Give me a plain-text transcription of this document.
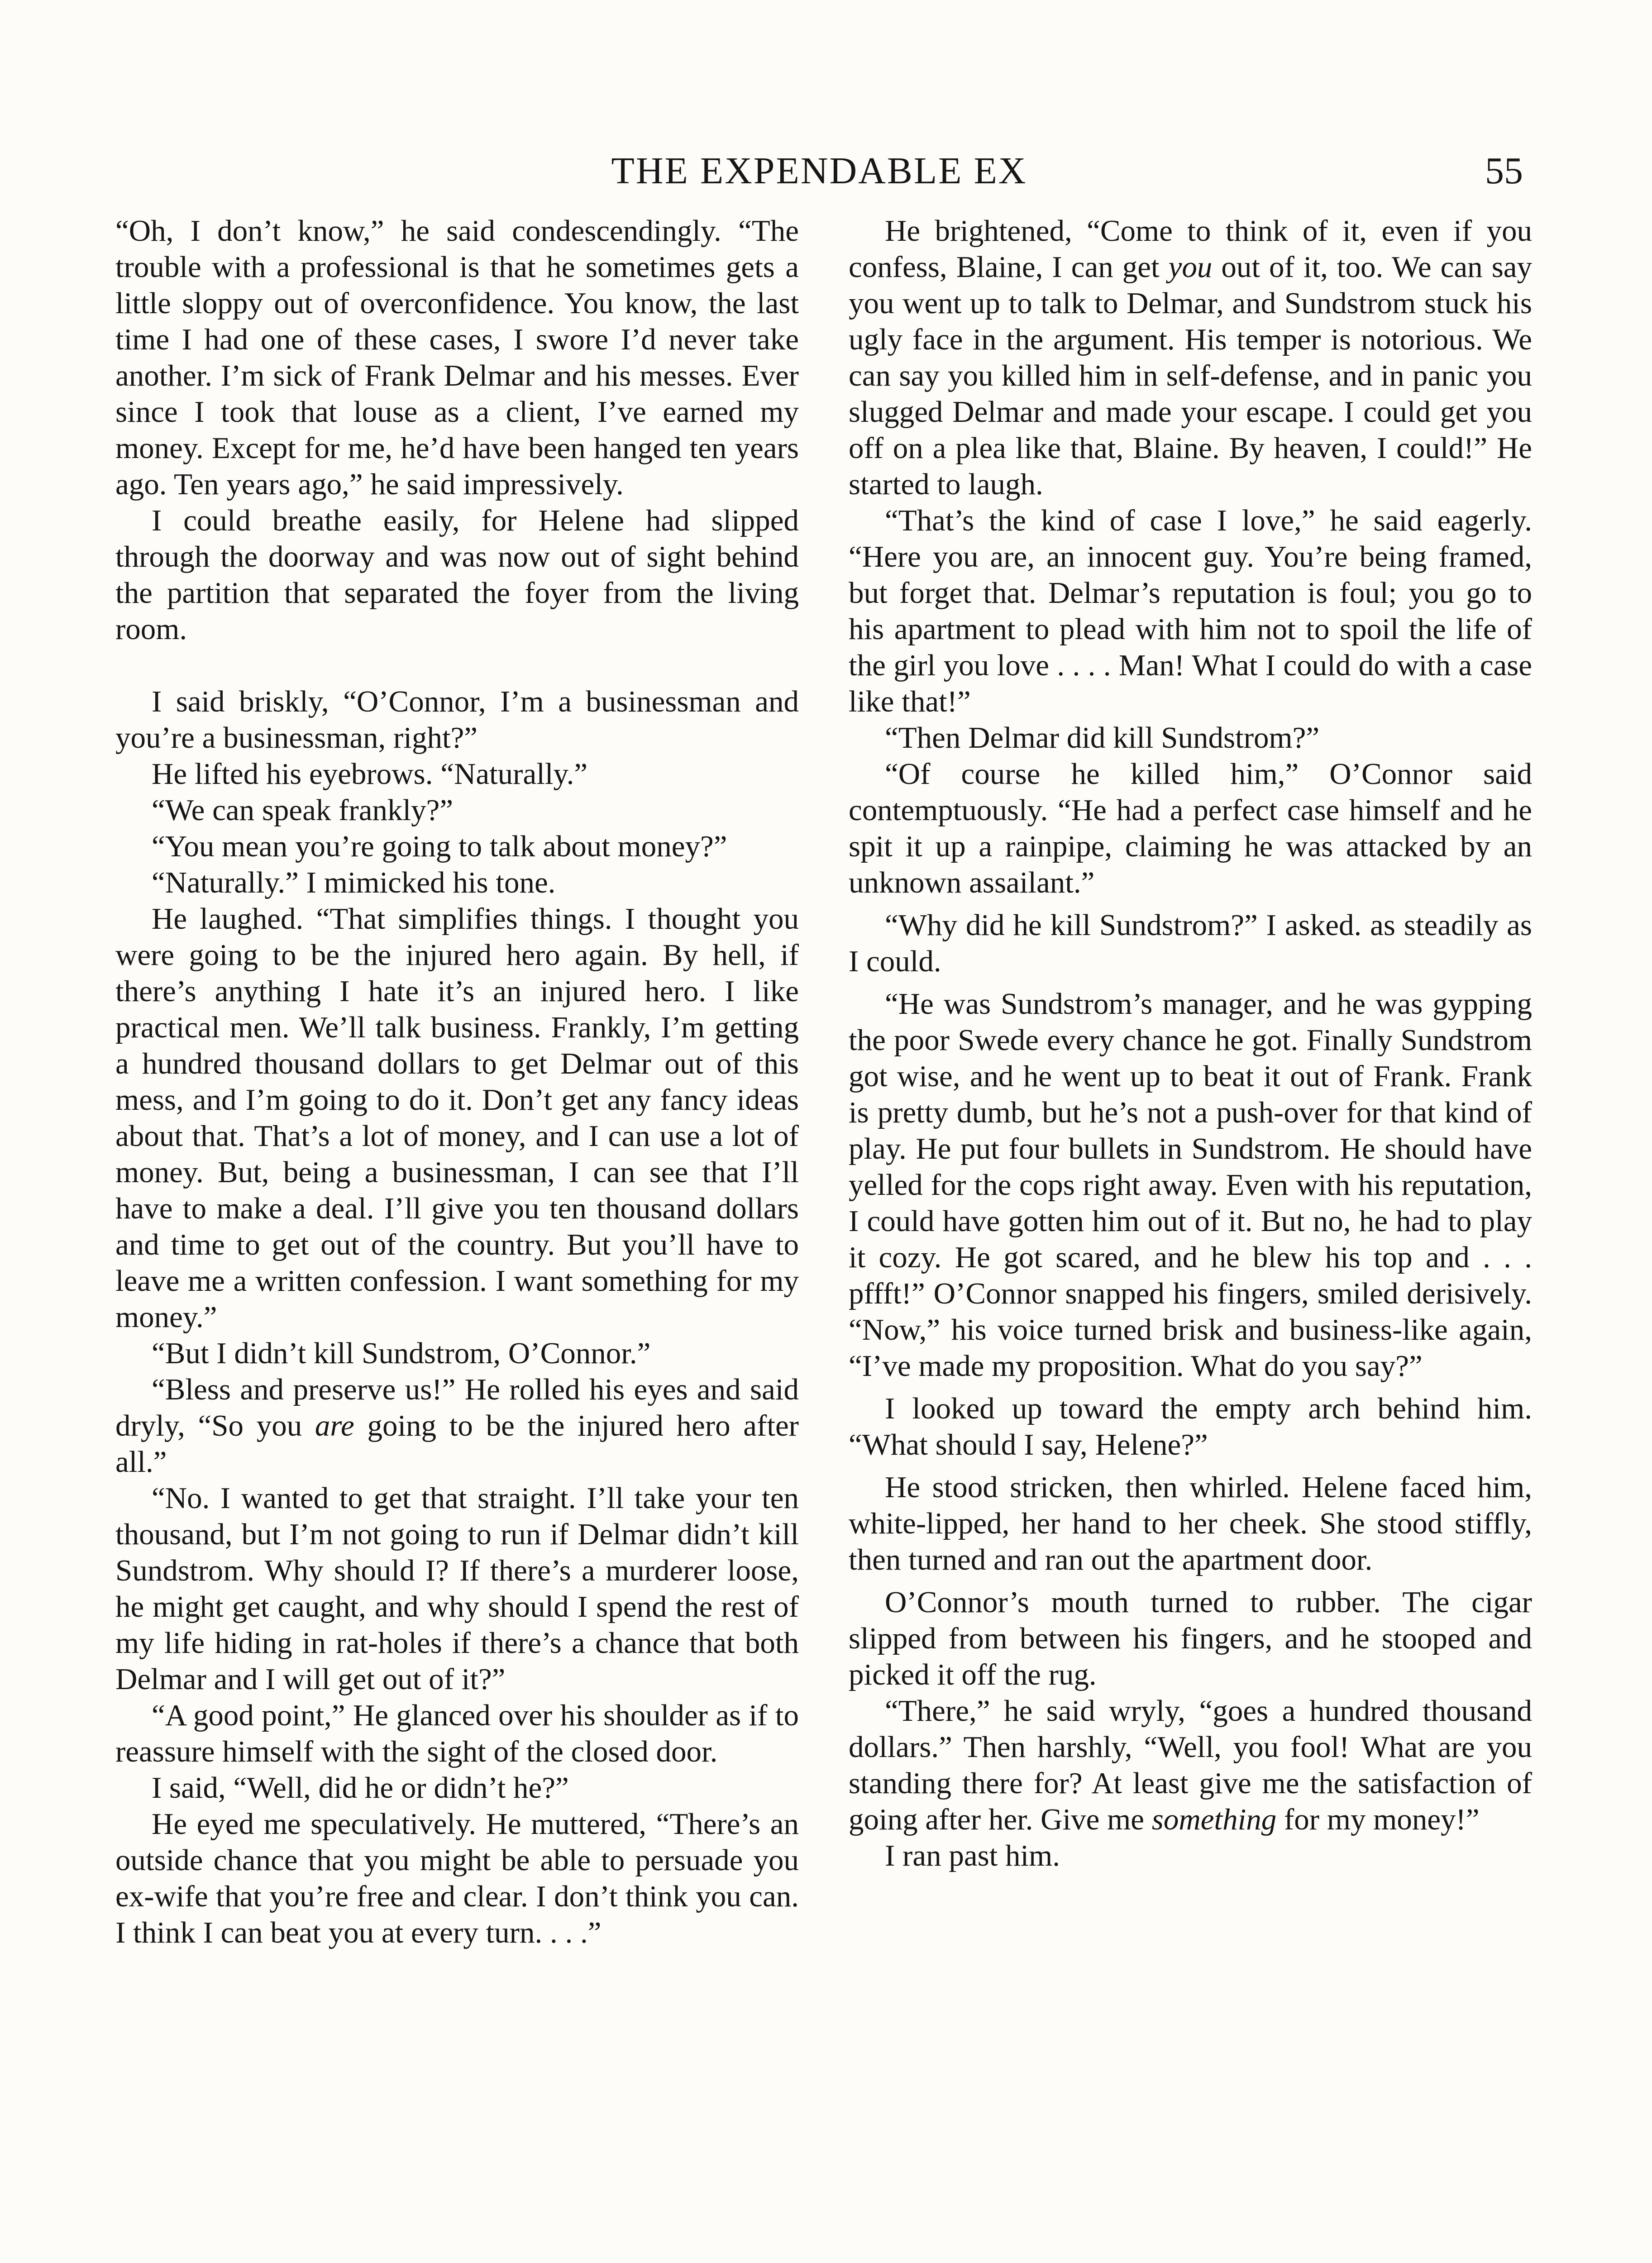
THE EXPENDABLE EX	55

“Oh, I don’t know,” he said condescendingly. “The trouble with a professional is that he sometimes gets a little sloppy out of overconfidence. You know, the last time I had one of these cases, I swore I’d never take another. I’m sick of Frank Delmar and his messes. Ever since I took that louse as a client, I’ve earned my money. Except for me, he’d have been hanged ten years ago. Ten years ago,” he said impressively.

I could breathe easily, for Helene had slipped through the doorway and was now out of sight behind the partition that separated the foyer from the living room.

I said briskly, “O’Connor, I’m a businessman and you’re a businessman, right?”

He lifted his eyebrows. “Naturally.”

“We can speak frankly?”

“You mean you’re going to talk about money?”

“Naturally.” I mimicked his tone.

He laughed. “That simplifies things. I thought you were going to be the injured hero again. By hell, if there’s anything I hate it’s an injured hero. I like practical men. We’ll talk business. Frankly, I’m getting a hundred thousand dollars to get Delmar out of this mess, and I’m going to do it. Don’t get any fancy ideas about that. That’s a lot of money, and I can use a lot of money. But, being a businessman, I can see that I’ll have to make a deal. I’ll give you ten thousand dollars and time to get out of the country. But you’ll have to leave me a written confession. I want something for my money.”

“But I didn’t kill Sundstrom, O’Connor.”

“Bless and preserve us!” He rolled his eyes and said dryly, “So you are going to be the injured hero after all.”

“No. I wanted to get that straight. I’ll take your ten thousand, but I’m not going to run if Delmar didn’t kill Sundstrom. Why should I? If there’s a murderer loose, he might get caught, and why should I spend the rest of my life hiding in rat-holes if there’s a chance that both Delmar and I will get out of it?”

“A good point,” He glanced over his shoulder as if to reassure himself with the sight of the closed door.

I said, “Well, did he or didn’t he?”

He eyed me speculatively. He muttered, “There’s an outside chance that you might be able to persuade you ex-wife that you’re free and clear. I don’t think you can. I think I can beat you at every turn. . . .”

He brightened, “Come to think of it, even if you confess, Blaine, I can get you out of it, too. We can say you went up to talk to Delmar, and Sundstrom stuck his ugly face in the argument. His temper is notorious. We can say you killed him in self-defense, and in panic you slugged Delmar and made your escape. I could get you off on a plea like that, Blaine. By heaven, I could!” He started to laugh.

“That’s the kind of case I love,” he said eagerly. “Here you are, an innocent guy. You’re being framed, but forget that. Delmar’s reputation is foul; you go to his apartment to plead with him not to spoil the life of the girl you love . . . . Man! What I could do with a case like that!”

“Then Delmar did kill Sundstrom?”

“Of course he killed him,” O’Connor said contemptuously. “He had a perfect case himself and he spit it up a rainpipe, claiming he was attacked by an unknown assailant.”

“Why did he kill Sundstrom?” I asked. as steadily as I could.

“He was Sundstrom’s manager, and he was gypping the poor Swede every chance he got. Finally Sundstrom got wise, and he went up to beat it out of Frank. Frank is pretty dumb, but he’s not a push-over for that kind of play. He put four bullets in Sundstrom. He should have yelled for the cops right away. Even with his reputation, I could have gotten him out of it. But no, he had to play it cozy. He got scared, and he blew his top and . . . pffft!” O’Connor snapped his fingers, smiled derisively. “Now,” his voice turned brisk and business-like again, “I’ve made my proposition. What do you say?”

I looked up toward the empty arch behind him. “What should I say, Helene?”

He stood stricken, then whirled. Helene faced him, white-lipped, her hand to her cheek. She stood stiffly, then turned and ran out the apartment door.

O’Connor’s mouth turned to rubber. The cigar slipped from between his fingers, and he stooped and picked it off the rug.

“There,” he said wryly, “goes a hundred thousand dollars.” Then harshly, “Well, you fool! What are you standing there for? At least give me the satisfaction of going after her. Give me something for my money!”

I ran past him.
